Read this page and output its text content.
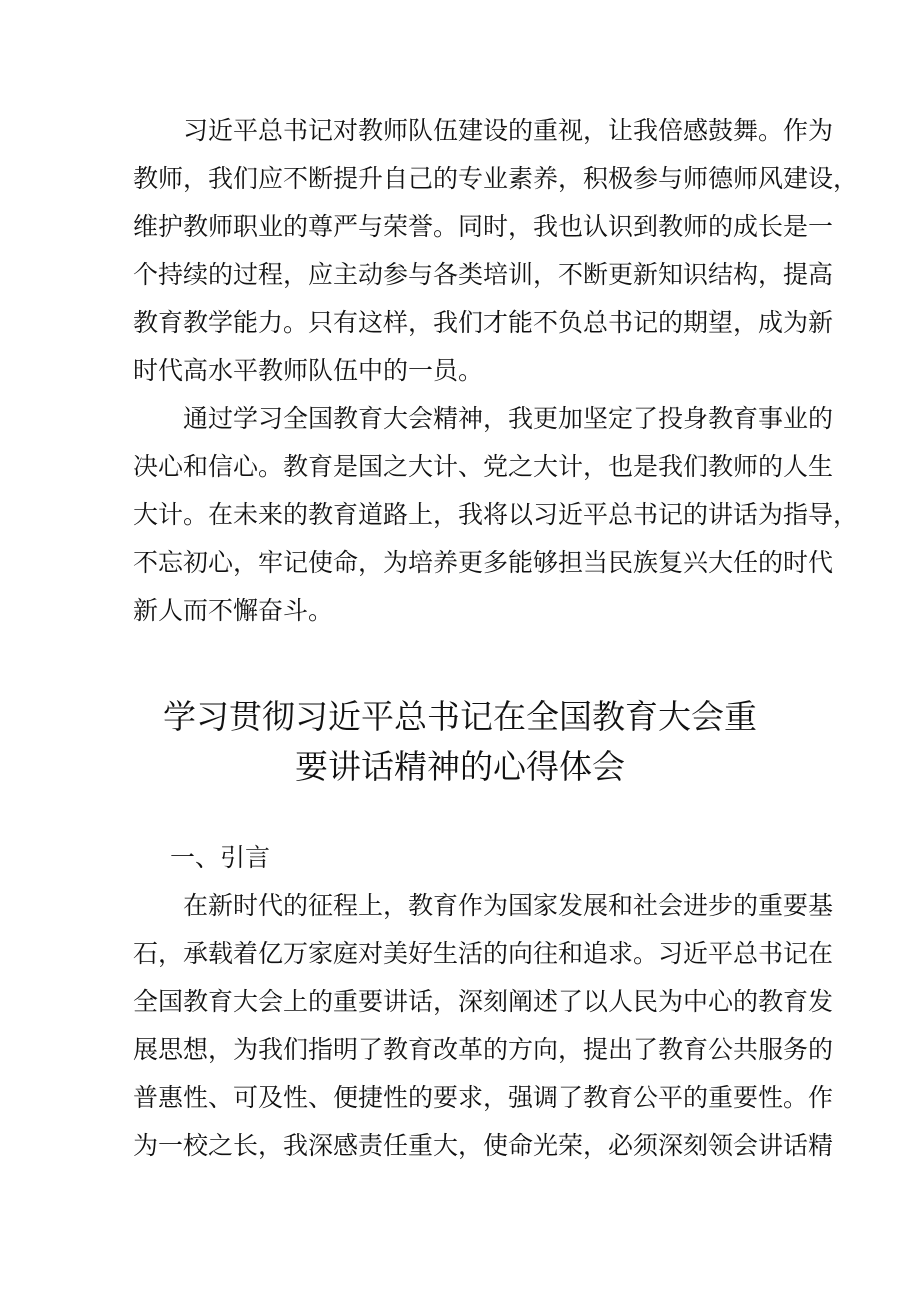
习近平总书记对教师队伍建设的重视，让我倍感鼓舞。作为
教师，我们应不断提升自己的专业素养，积极参与师德师风建设，
维护教师职业的尊严与荣誉。同时，我也认识到教师的成长是一
个持续的过程，应主动参与各类培训，不断更新知识结构，提高
教育教学能力。只有这样，我们才能不负总书记的期望，成为新
时代高水平教师队伍中的一员。
通过学习全国教育大会精神，我更加坚定了投身教育事业的
决心和信心。教育是国之大计、党之大计，也是我们教师的人生
大计。在未来的教育道路上，我将以习近平总书记的讲话为指导，
不忘初心，牢记使命，为培养更多能够担当民族复兴大任的时代
新人而不懈奋斗。
学习贯彻习近平总书记在全国教育大会重
要讲话精神的心得体会
一、引言
在新时代的征程上，教育作为国家发展和社会进步的重要基
石，承载着亿万家庭对美好生活的向往和追求。习近平总书记在
全国教育大会上的重要讲话，深刻阐述了以人民为中心的教育发
展思想，为我们指明了教育改革的方向，提出了教育公共服务的
普惠性、可及性、便捷性的要求，强调了教育公平的重要性。作
为一校之长，我深感责任重大，使命光荣，必须深刻领会讲话精
